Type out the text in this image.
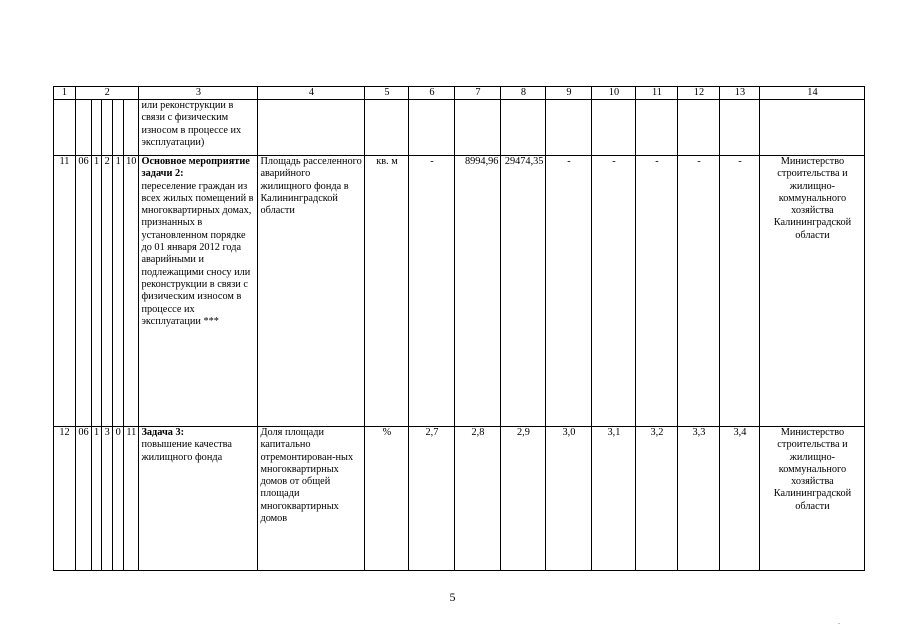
1	2					3	4	5	6	7	8	9	10	11	12	13	14
						или реконструкции в связи с физическим износом в процессе их эксплуатации)											
11	06	1	2	1	10	Основное мероприятие задачи 2:
переселение граждан из всех жилых помещений в многоквартирных домах, признанных в установленном порядке до 01 января 2012 года аварийными и подлежащими сносу или реконструкции в связи с физическим износом в процессе их эксплуатации ***	Площадь расселенного аварийного жилищного фонда в Калининградской области	кв. м	-	8994,96	29474,35	-	-	-	-	-	Министерство строительства и жилищно-коммунального хозяйства Калининградской области
12	06	1	3	0	11	Задача 3:
повышение качества жилищного фонда	Доля площади капитально отремонтирован-ных многоквартирных домов от общей площади многоквартирных домов	%	2,7	2,8	2,9	3,0	3,1	3,2	3,3	3,4	Министерство строительства и жилищно-коммунального хозяйства Калининградской области
5
.
